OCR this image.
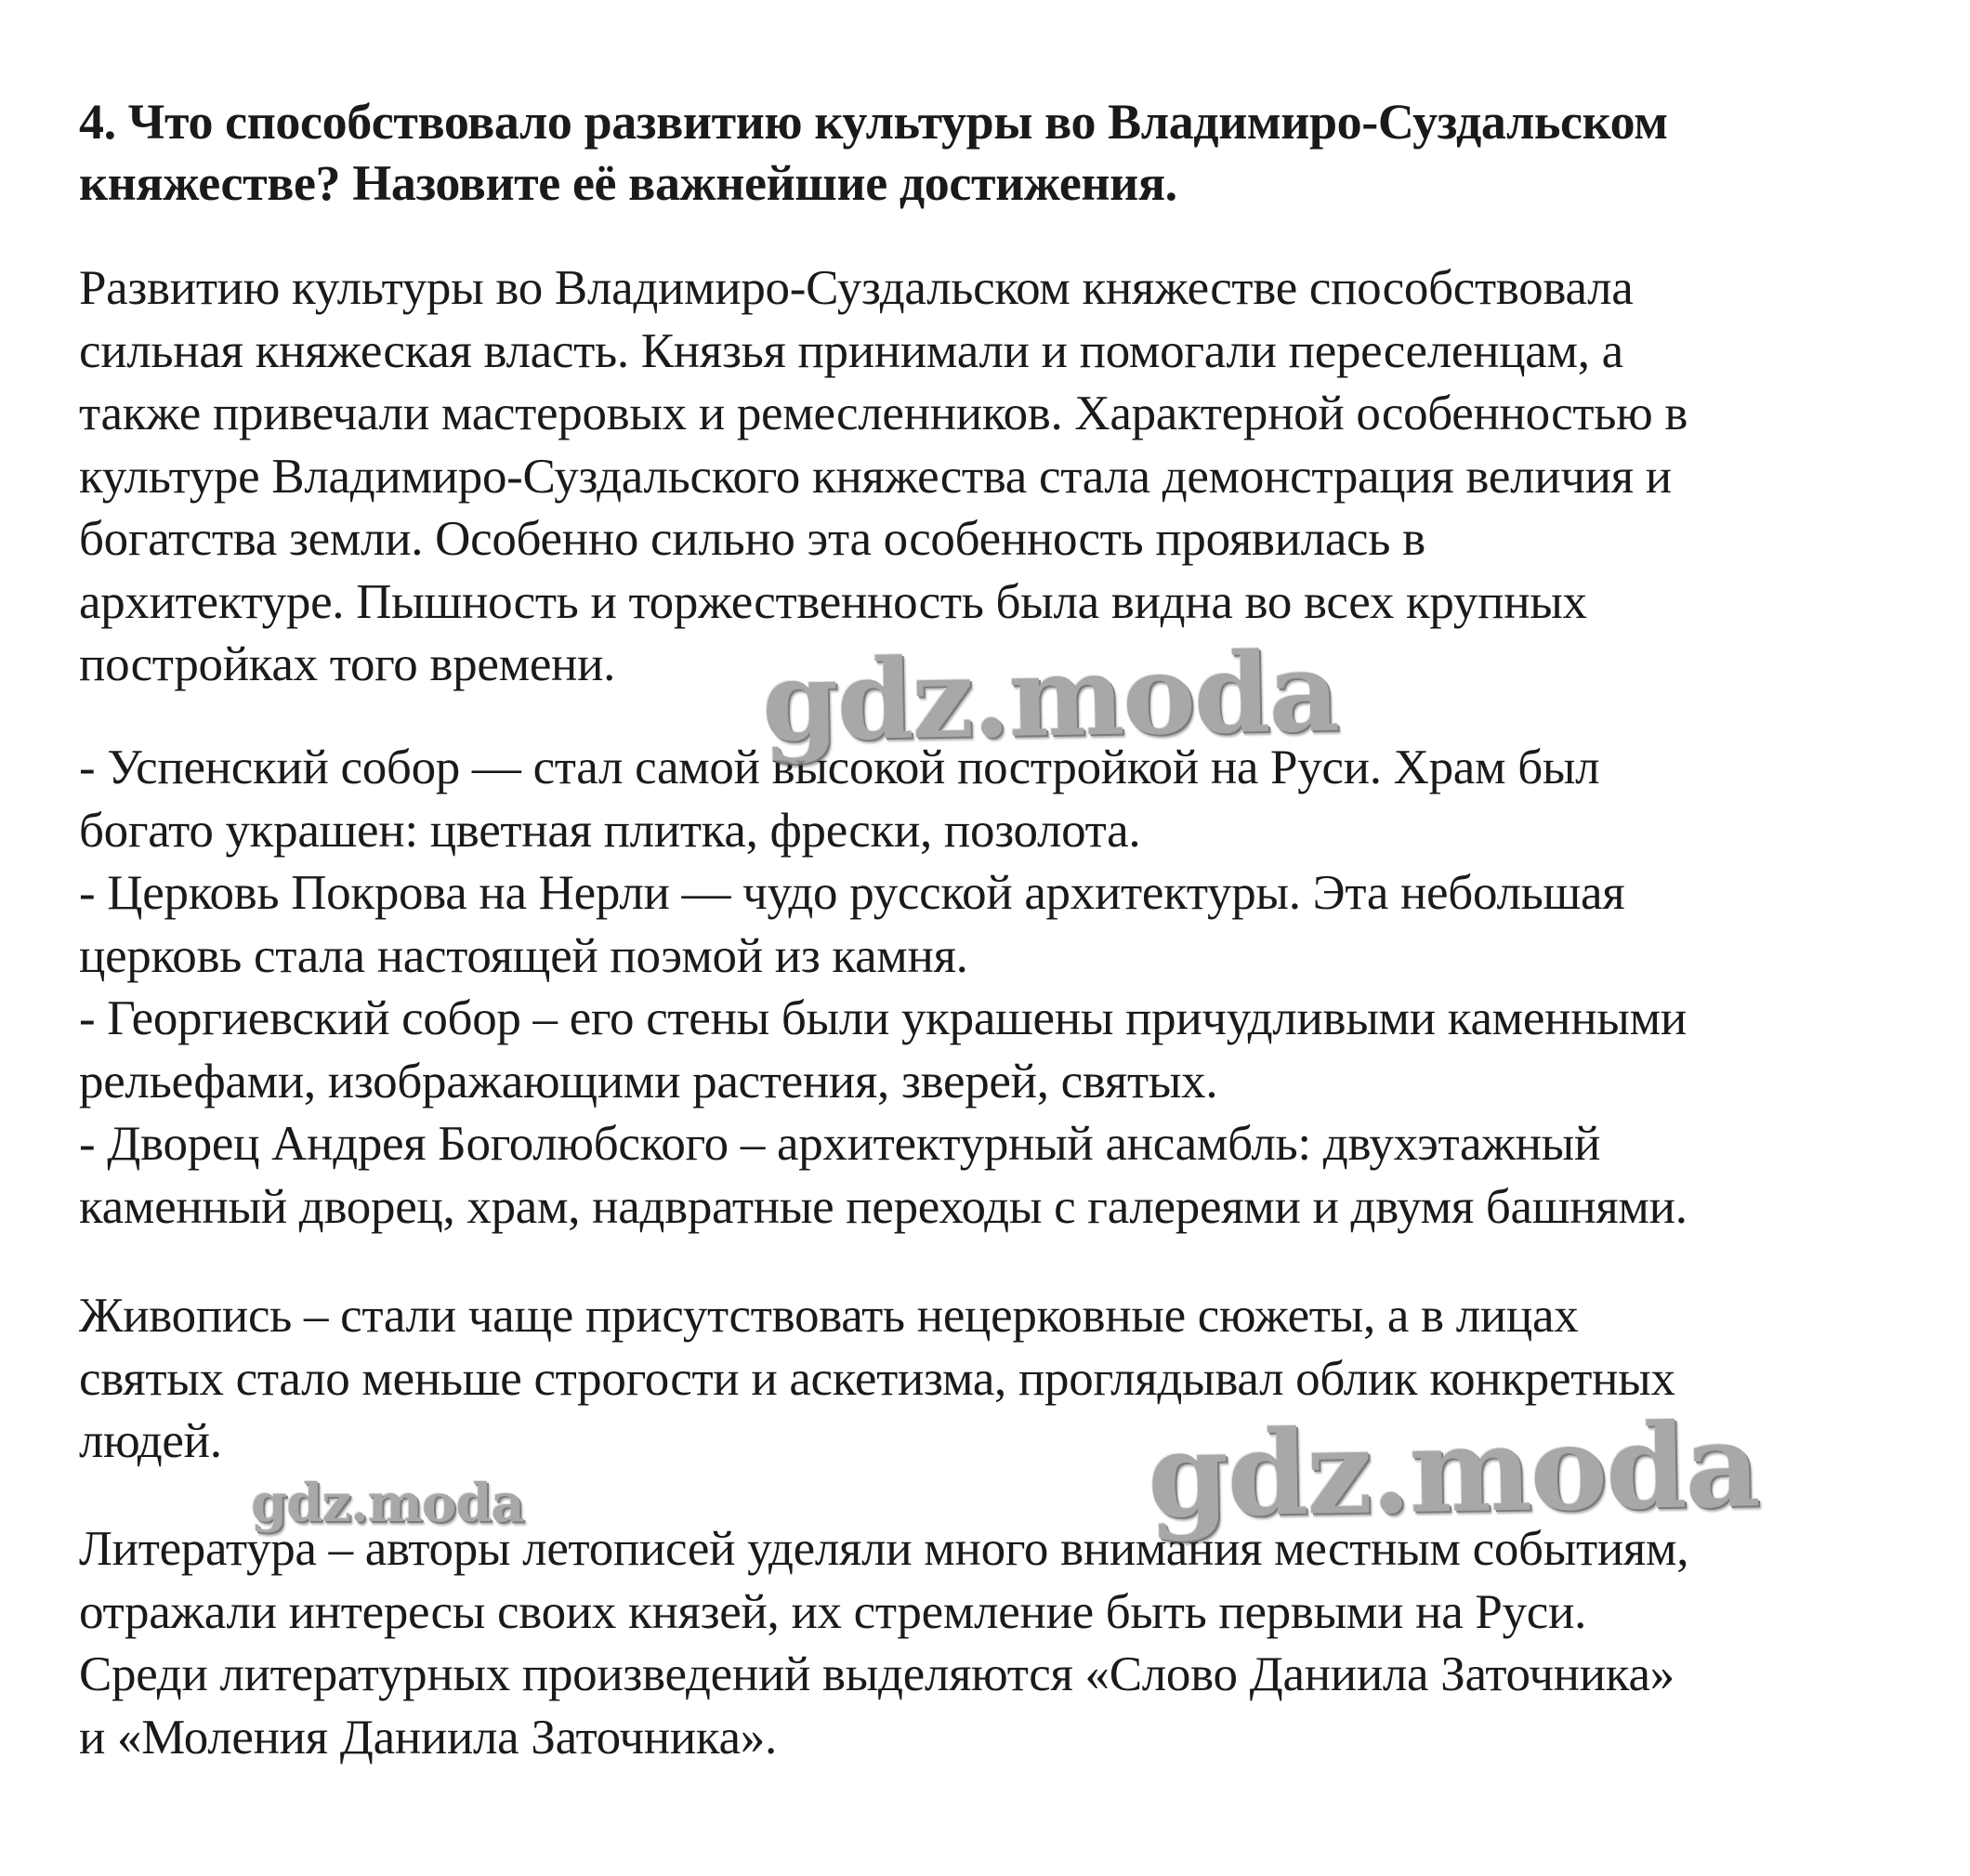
4. Что способствовало развитию культуры во Владимиро-Суздальском
княжестве? Назовите её важнейшие достижения.

Развитию культуры во Владимиро-Суздальском княжестве способствовала

сильная княжеская власть. Князья принимали и помогали переселенцам, а

также привечали мастеровых и ремесленников. Характерной особенностью в

культуре Владимиро-Суздальского княжества стала демонстрация величия и

богатства земли. Особенно сильно эта особенность проявилась в

архитектуре. Пышность и торжественность была видна во всех крупных

постройках того времени.

- Успенский собор — стал самой высокой постройкой на Руси. Храм был

богато украшен: цветная плитка, фрески, позолота.

- Церковь Покрова на Нерли — чудо русской архитектуры. Эта небольшая

церковь стала настоящей поэмой из камня.

- Георгиевский собор – его стены были украшены причудливыми каменными

рельефами, изображающими растения, зверей, святых.

- Дворец Андрея Боголюбского – архитектурный ансамбль: двухэтажный

каменный дворец, храм, надвратные переходы с галереями и двумя башнями.

Живопись – стали чаще присутствовать нецерковные сюжеты, а в лицах

святых стало меньше строгости и аскетизма, проглядывал облик конкретных

людей.

Литература – авторы летописей уделяли много внимания местным событиям,

отражали интересы своих князей, их стремление быть первыми на Руси.

Среди литературных произведений выделяются «Слово Даниила Заточника»

и «Моления Даниила Заточника».

gdz.moda
gdz.moda
gdz.moda
